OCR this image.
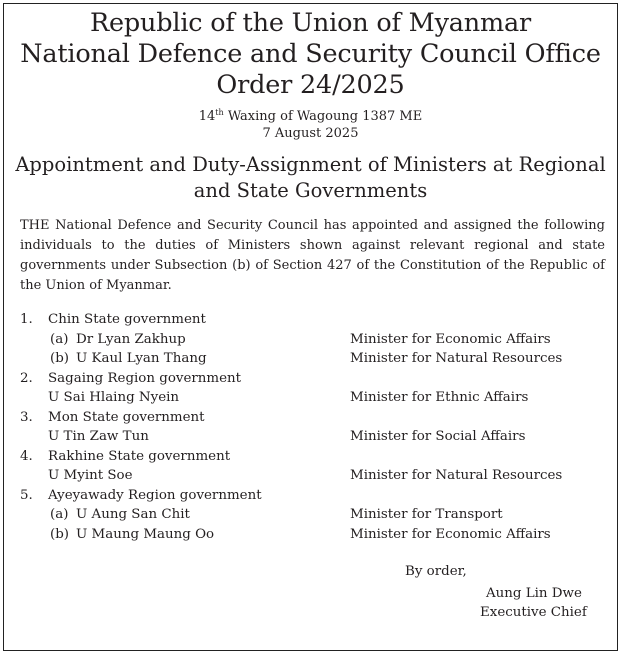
Republic of the Union of Myanmar
National Defence and Security Council Office
Order 24/2025
14th Waxing of Wagoung 1387 ME
7 August 2025
Appointment and Duty-Assignment of Ministers at Regional
and State Governments
THE National Defence and Security Council has appointed and assigned the following individuals to the duties of Ministers shown against relevant regional and state governments under Subsection (b) of Section 427 of the Constitution of the Republic of the Union of Myanmar.
1. Chin State government
(a) Dr Lyan Zakhup	Minister for Economic Affairs
(b) U Kaul Lyan Thang	Minister for Natural Resources
2. Sagaing Region government
U Sai Hlaing Nyein	Minister for Ethnic Affairs
3. Mon State government
U Tin Zaw Tun	Minister for Social Affairs
4. Rakhine State government
U Myint Soe	Minister for Natural Resources
5. Ayeyawady Region government
(a) U Aung San Chit	Minister for Transport
(b) U Maung Maung Oo	Minister for Economic Affairs
By order,
Aung Lin Dwe
Executive Chief
